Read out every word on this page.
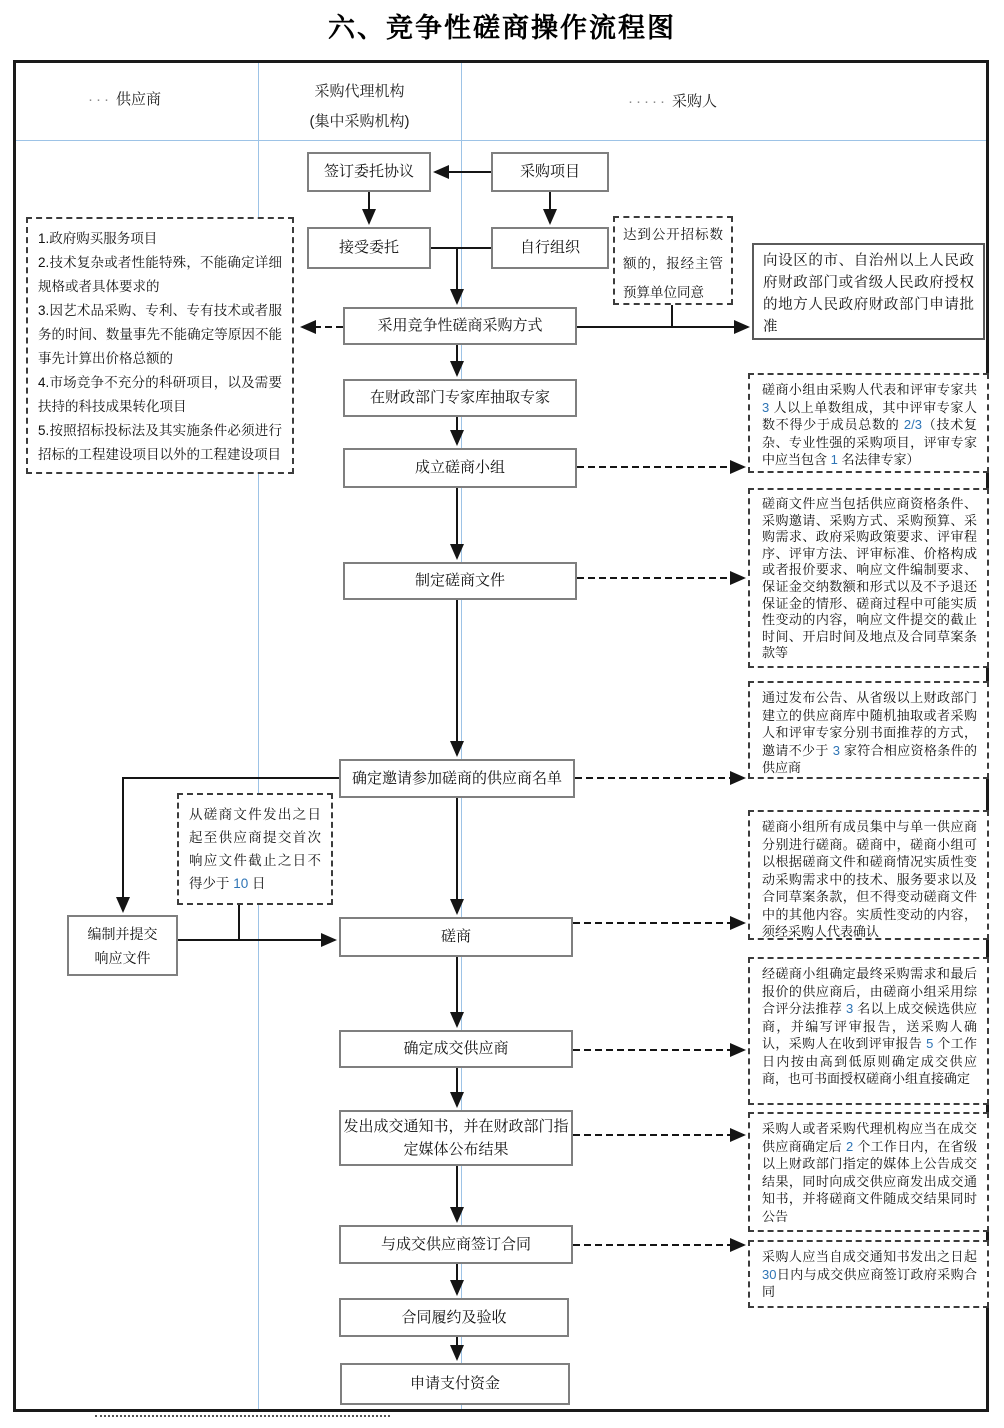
六、竞争性磋商操作流程图
··· 供应商	采购代理机构
(集中采购机构)
····· 采购人
签订委托协议	采购项目
接受委托	自行组织
采用竞争性磋商采购方式
在财政部门专家库抽取专家
成立磋商小组
制定磋商文件
确定邀请参加磋商的供应商名单
磋商
确定成交供应商
发出成交通知书，并在财政部门指定媒体公布结果
与成交供应商签订合同
合同履约及验收
申请支付资金
编制并提交
响应文件
1.政府购买服务项目
2.技术复杂或者性能特殊，不能确定详细规格或者具体要求的
3.因艺术品采购、专利、专有技术或者服务的时间、数量事先不能确定等原因不能事先计算出价格总额的
4.市场竞争不充分的科研项目，以及需要扶持的科技成果转化项目
5.按照招标投标法及其实施条件必须进行招标的工程建设项目以外的工程建设项目
从磋商文件发出之日起至供应商提交首次响应文件截止之日不得少于 10 日
达到公开招标数额的，报经主管预算单位同意
向设区的市、自治州以上人民政府财政部门或省级人民政府授权的地方人民政府财政部门申请批准
磋商小组由采购人代表和评审专家共 3 人以上单数组成，其中评审专家人数不得少于成员总数的 2/3（技术复杂、专业性强的采购项目，评审专家中应当包含 1 名法律专家）
磋商文件应当包括供应商资格条件、采购邀请、采购方式、采购预算、采购需求、政府采购政策要求、评审程序、评审方法、评审标准、价格构成或者报价要求、响应文件编制要求、保证金交纳数额和形式以及不予退还保证金的情形、磋商过程中可能实质性变动的内容，响应文件提交的截止时间、开启时间及地点及合同草案条款等
通过发布公告、从省级以上财政部门建立的供应商库中随机抽取或者采购人和评审专家分别书面推荐的方式，邀请不少于 3 家符合相应资格条件的供应商
磋商小组所有成员集中与单一供应商分别进行磋商。磋商中，磋商小组可以根据磋商文件和磋商情况实质性变动采购需求中的技术、服务要求以及合同草案条款，但不得变动磋商文件中的其他内容。实质性变动的内容，须经采购人代表确认
经磋商小组确定最终采购需求和最后报价的供应商后，由磋商小组采用综合评分法推荐 3 名以上成交候选供应商，并编写评审报告，送采购人确认，采购人在收到评审报告 5 个工作日内按由高到低原则确定成交供应商，也可书面授权磋商小组直接确定
采购人或者采购代理机构应当在成交供应商确定后 2 个工作日内，在省级以上财政部门指定的媒体上公告成交结果，同时向成交供应商发出成交通知书，并将磋商文件随成交结果同时公告
采购人应当自成交通知书发出之日起30日内与成交供应商签订政府采购合同
